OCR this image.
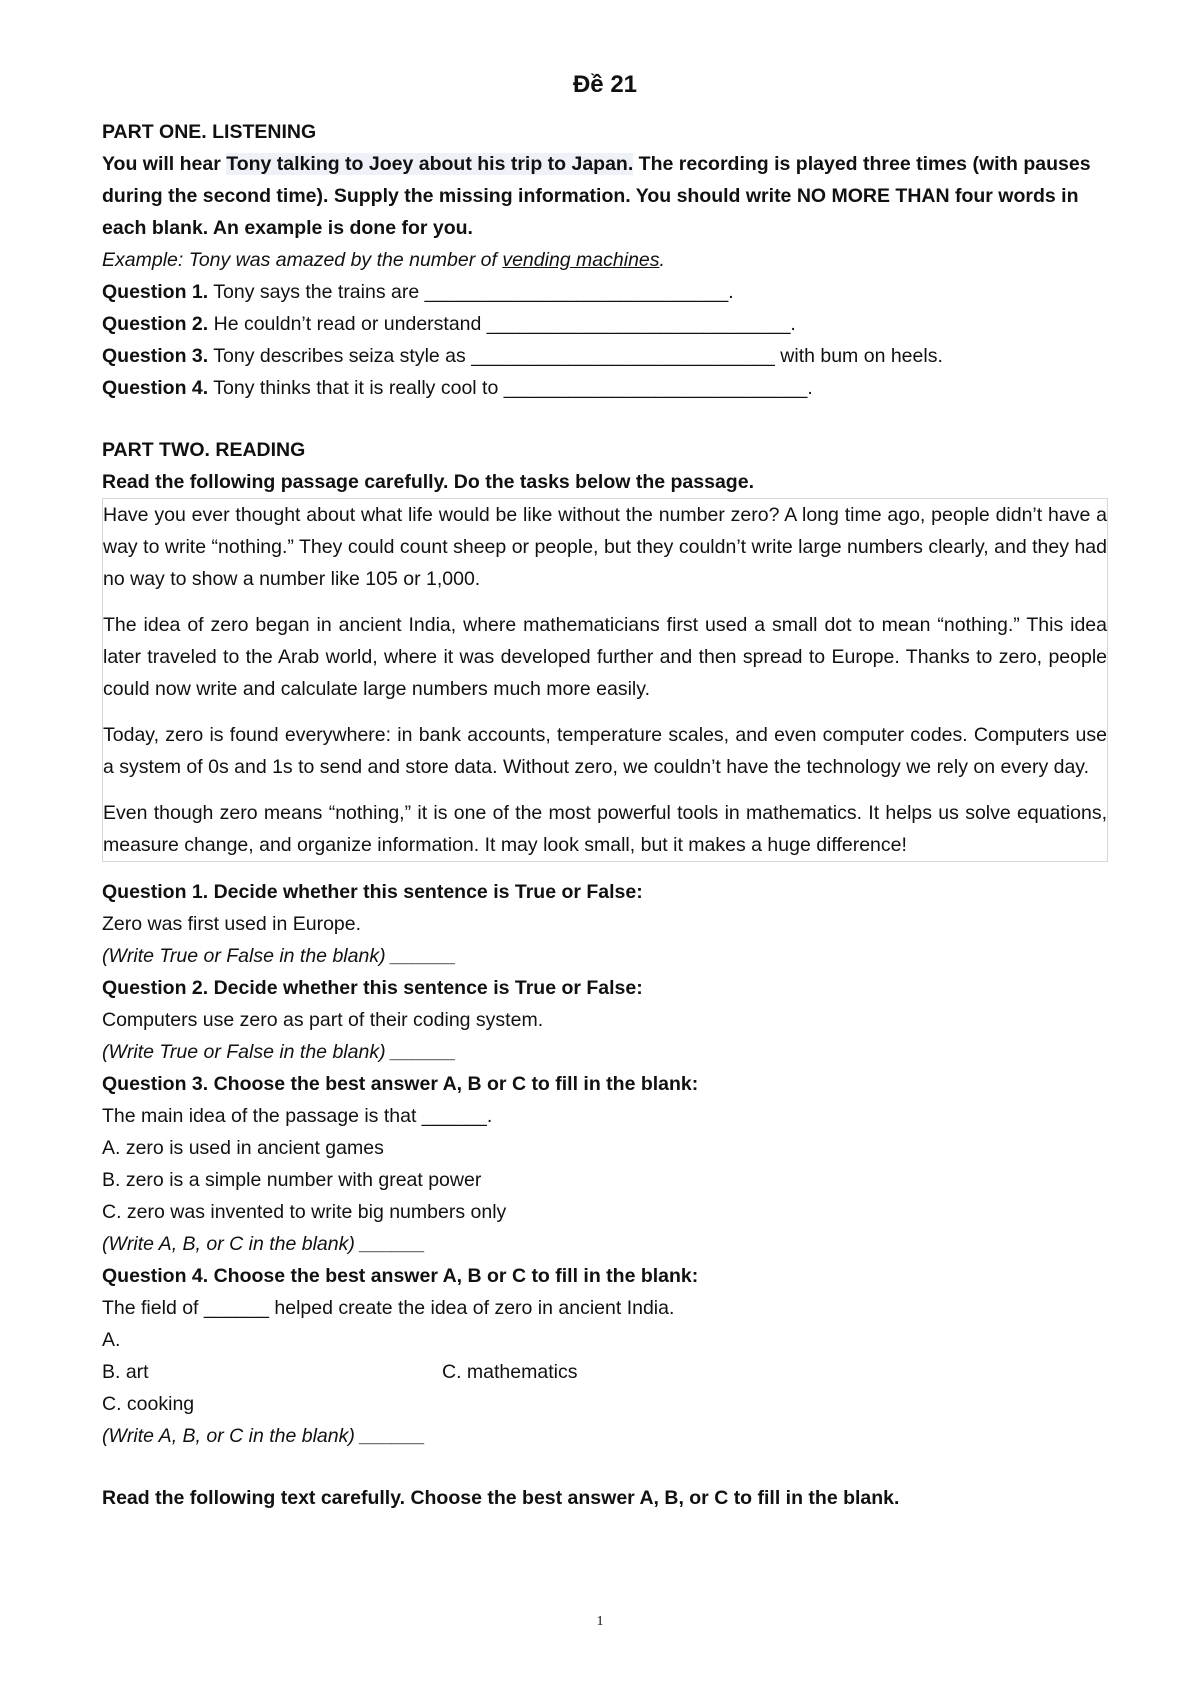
Đề 21

PART ONE. LISTENING

You will hear Tony talking to Joey about his trip to Japan. The recording is played three times (with pauses during the second time). Supply the missing information. You should write NO MORE THAN four words in each blank. An example is done for you.

Example: Tony was amazed by the number of vending machines.

Question 1. Tony says the trains are ____________________________.

Question 2. He couldn’t read or understand ____________________________.

Question 3. Tony describes seiza style as ____________________________ with bum on heels.

Question 4. Tony thinks that it is really cool to ____________________________.

PART TWO. READING

Read the following passage carefully. Do the tasks below the passage.

Have you ever thought about what life would be like without the number zero? A long time ago, people didn’t have a way to write “nothing.” They could count sheep or people, but they couldn’t write large numbers clearly, and they had no way to show a number like 105 or 1,000.

The idea of zero began in ancient India, where mathematicians first used a small dot to mean “nothing.” This idea later traveled to the Arab world, where it was developed further and then spread to Europe. Thanks to zero, people could now write and calculate large numbers much more easily.

Today, zero is found everywhere: in bank accounts, temperature scales, and even computer codes. Computers use a system of 0s and 1s to send and store data. Without zero, we couldn’t have the technology we rely on every day.

Even though zero means “nothing,” it is one of the most powerful tools in mathematics. It helps us solve equations, measure change, and organize information. It may look small, but it makes a huge difference!

Question 1. Decide whether this sentence is True or False:

Zero was first used in Europe.

(Write True or False in the blank) ______

Question 2. Decide whether this sentence is True or False:

Computers use zero as part of their coding system.

(Write True or False in the blank) ______

Question 3. Choose the best answer A, B or C to fill in the blank:

The main idea of the passage is that ______.

A. zero is used in ancient games

B. zero is a simple number with great power

C. zero was invented to write big numbers only

(Write A, B, or C in the blank) ______

Question 4. Choose the best answer A, B or C to fill in the blank:

The field of ______ helped create the idea of zero in ancient India.

A.

B. art	C. mathematics

C. cooking

(Write A, B, or C in the blank) ______

Read the following text carefully. Choose the best answer A, B, or C to fill in the blank.

1
